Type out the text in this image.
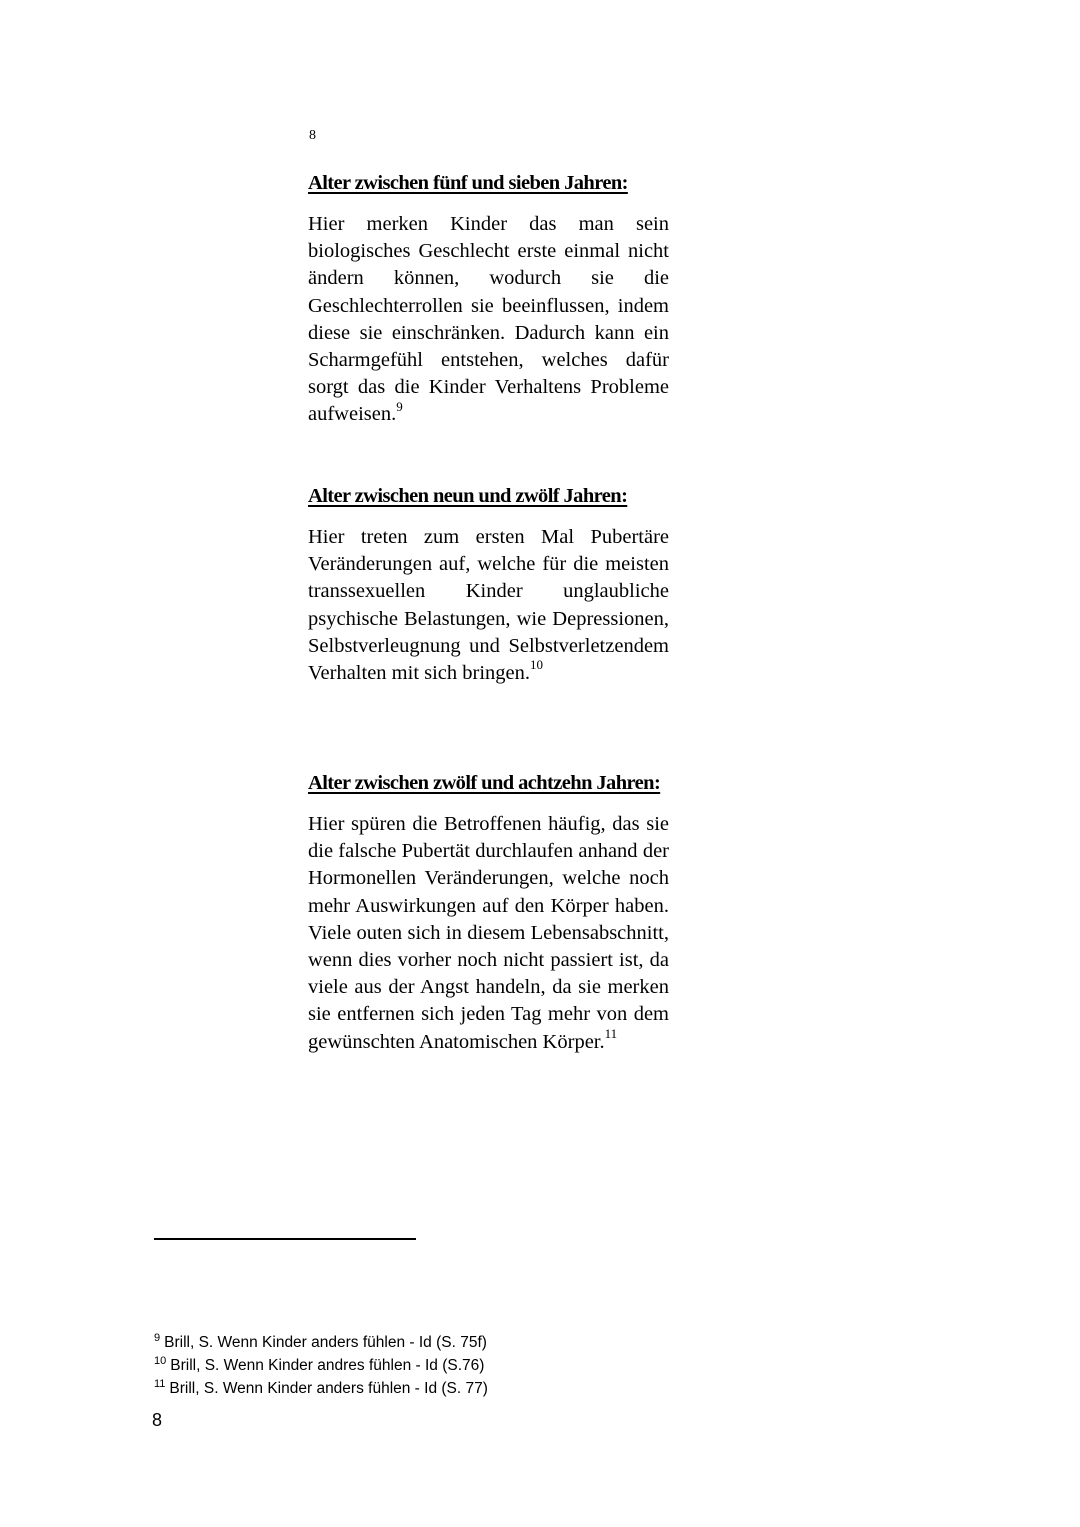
8

Alter zwischen fünf und sieben Jahren:

Hier merken Kinder das man sein biologisches Geschlecht erste einmal nicht ändern können, wodurch sie die Geschlechterrollen sie beeinflussen, indem diese sie einschränken. Dadurch kann ein Scharmgefühl entstehen, welches dafür sorgt das die Kinder Verhaltens Probleme aufweisen.$^9$

Alter zwischen neun und zwölf Jahren:

Hier treten zum ersten Mal Pubertäre Veränderungen auf, welche für die meisten transsexuellen Kinder unglaubliche psychische Belastungen, wie Depressionen, Selbstverleugnung und Selbstverletzendem Verhalten mit sich bringen.$^{10}$

Alter zwischen zwölf und achtzehn Jahren:

Hier spüren die Betroffenen häufig, das sie die falsche Pubertät durchlaufen anhand der Hormonellen Veränderungen, welche noch mehr Auswirkungen auf den Körper haben. Viele outen sich in diesem Lebensabschnitt, wenn dies vorher noch nicht passiert ist, da viele aus der Angst handeln, da sie merken sie entfernen sich jeden Tag mehr von dem gewünschten Anatomischen Körper.$^{11}$

$^9$ Brill, S. Wenn Kinder anders fühlen - Id (S. 75f)
$^{10}$ Brill, S. Wenn Kinder andres fühlen - Id (S.76)
$^{11}$ Brill, S. Wenn Kinder anders fühlen - Id (S. 77)
8
